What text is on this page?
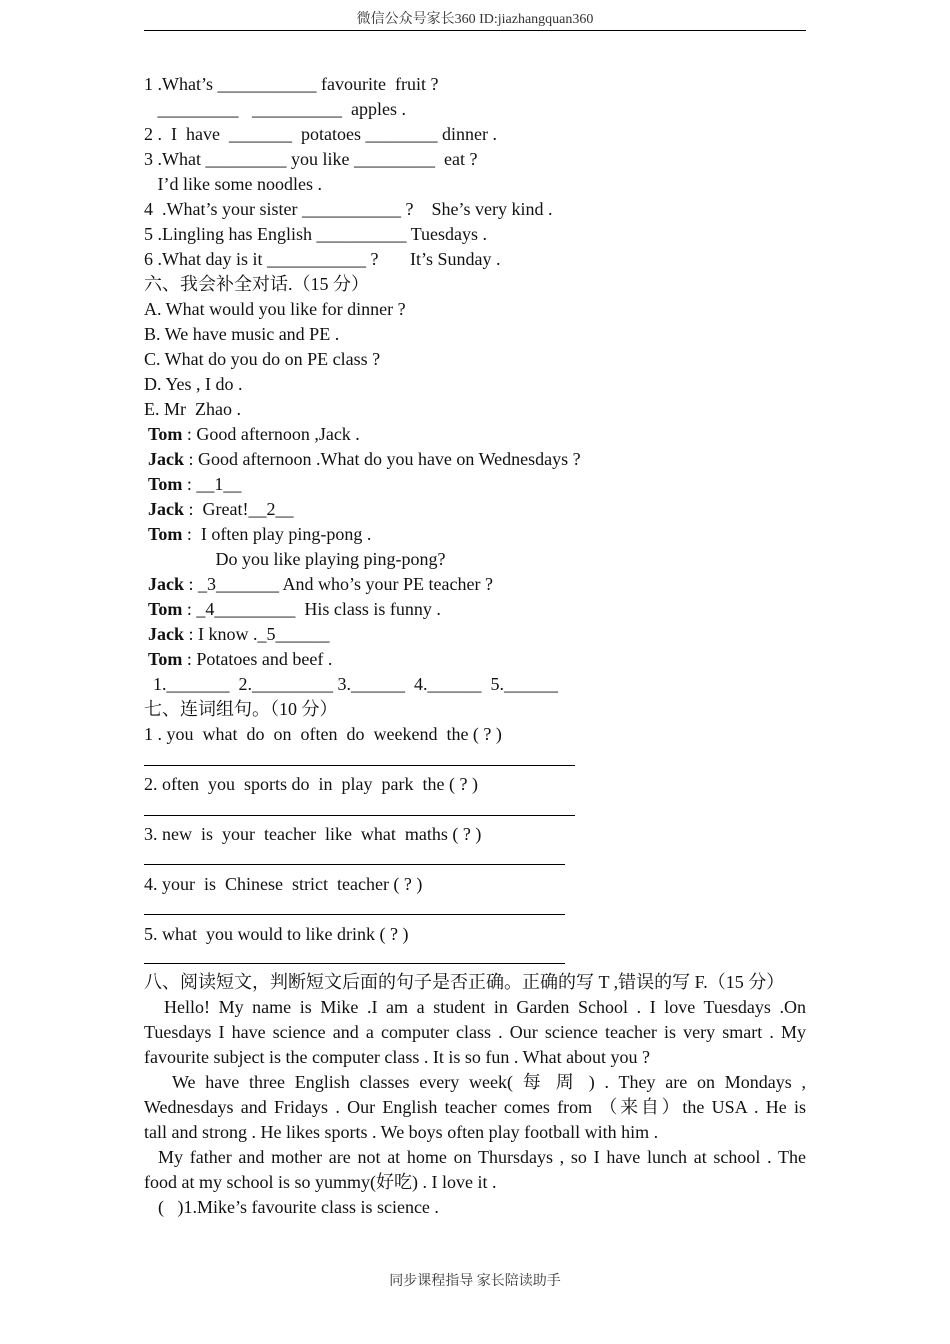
微信公众号家长360 ID:jiazhangquan360
1 .What’s ___________ favourite  fruit ?
_________   __________  apples .
2 .  I  have  _______  potatoes ________ dinner .
3 .What _________ you like _________  eat ?
I’d like some noodles .
4  .What’s your sister ___________ ?    She’s very kind .
5 .Lingling has English __________ Tuesdays .
6 .What day is it ___________ ?       It’s Sunday .
六、我会补全对话.（15 分）
A. What would you like for dinner ?
B. We have music and PE .
C. What do you do on PE class ?
D. Yes , I do .
E. Mr  Zhao .
Tom : Good afternoon ,Jack .
Jack : Good afternoon .What do you have on Wednesdays ?
Tom : __1__
Jack :  Great!__2__
Tom :  I often play ping-pong .
Do you like playing ping-pong?
Jack : _3_______ And who’s your PE teacher ?
Tom : _4_________  His class is funny .
Jack : I know ._5______
Tom : Potatoes and beef .
1._______  2._________ 3.______  4.______  5.______
七、连词组句。（10 分）
1 . you  what  do  on  often  do  weekend  the ( ? )
2. often  you  sports do  in  play  park  the ( ? )
3. new  is  your  teacher  like  what  maths ( ? )
4. your  is  Chinese  strict  teacher ( ? )
5. what  you would to like drink ( ? )
八、阅读短文，判断短文后面的句子是否正确。正确的写 T ,错误的写 F.（15 分）
Hello! My name is Mike .I am a student in Garden School . I love Tuesdays .On
Tuesdays I have science and a computer class . Our science teacher is very smart . My
favourite subject is the computer class . It is so fun . What about you ?
We have three English classes every week( 每 周 ) . They are on Mondays ,
Wednesdays and Fridays . Our English teacher comes from （来自）the USA . He is
tall and strong . He likes sports . We boys often play football with him .
My father and mother are not at home on Thursdays , so I have lunch at school . The
food at my school is so yummy(好吃) . I love it .
(   )1.Mike’s favourite class is science .
同步课程指导 家长陪读助手
